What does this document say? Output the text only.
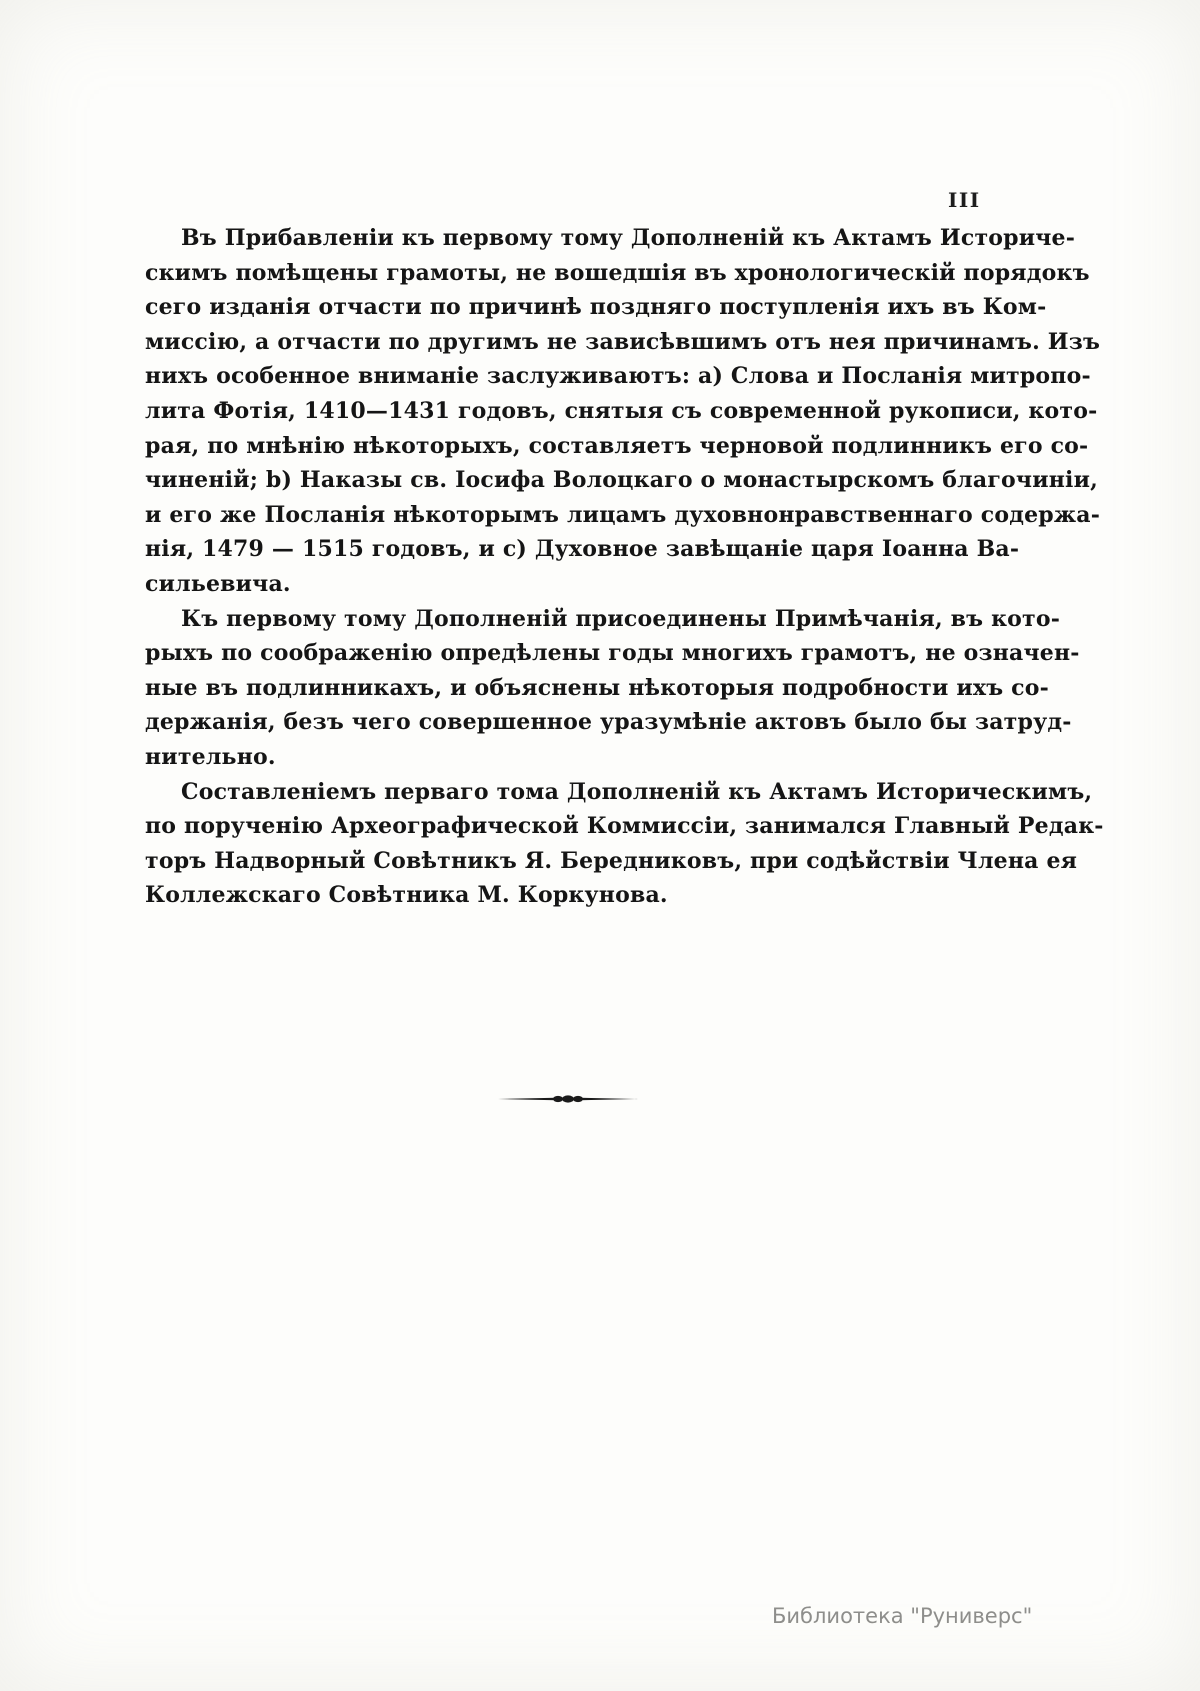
III
Въ Прибавленіи къ первому тому Дополненій къ Актамъ Историче-
скимъ помѣщены грамоты, не вошедшія въ хронологическій порядокъ
сего изданія отчасти по причинѣ поздняго поступленія ихъ въ Ком-
миссію, а отчасти по другимъ не зависѣвшимъ отъ нея причинамъ. Изъ
нихъ особенное вниманіе заслуживаютъ: а) Слова и Посланія митропо-
лита Фотія, 1410—1431 годовъ, снятыя съ современной рукописи, кото-
рая, по мнѣнію нѣкоторыхъ, составляетъ черновой подлинникъ его со-
чиненій; b) Наказы св. Іосифа Волоцкаго о монастырскомъ благочиніи,
и его же Посланія нѣкоторымъ лицамъ духовнонравственнаго содержа-
нія, 1479 — 1515 годовъ, и с) Духовное завѣщаніе царя Іоанна Ва-
сильевича.
Къ первому тому Дополненій присоединены Примѣчанія, въ кото-
рыхъ по соображенію опредѣлены годы многихъ грамотъ, не означен-
ные въ подлинникахъ, и объяснены нѣкоторыя подробности ихъ со-
держанія, безъ чего совершенное уразумѣніе актовъ было бы затруд-
нительно.
Составленіемъ перваго тома Дополненій къ Актамъ Историческимъ,
по порученію Археографической Коммиссіи, занимался Главный Редак-
торъ Надворный Совѣтникъ Я. Бередниковъ, при содѣйствіи Члена ея
Коллежскаго Совѣтника М. Коркунова.
Библиотека "Руниверс"
